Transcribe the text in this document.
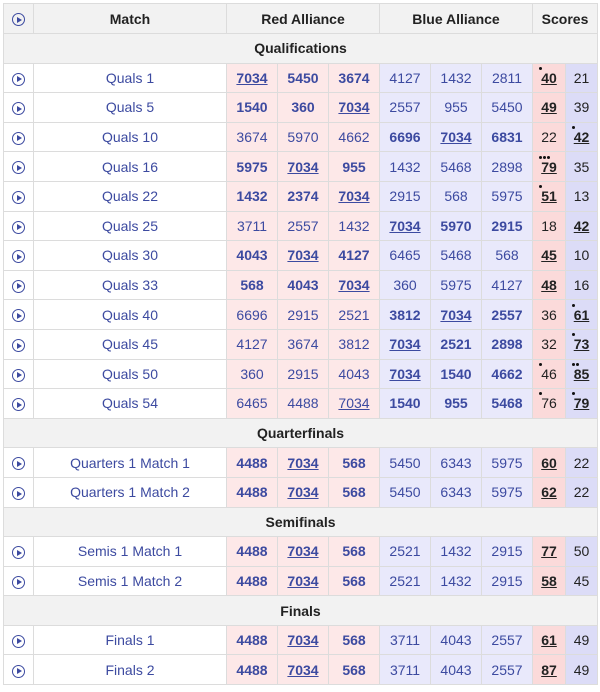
	Match	Red Alliance			Blue Alliance			Scores	
Qualifications									
	Quals 1	7034	5450	3674	4127	1432	2811	40	21
	Quals 5	1540	360	7034	2557	955	5450	49	39
	Quals 10	3674	5970	4662	6696	7034	6831	22	42

	Quals 16	5975	7034	955	1432	5468	2898	79	35
	Quals 22	1432	2374	7034	2915	568	5975	51	13
	Quals 25	3711	2557	1432	7034	5970	2915	18	42
	Quals 30	4043	7034	4127	6465	5468	568	45	10
	Quals 33	568	4043	7034	360	5975	4127	48	16
	Quals 40	6696	2915	2521	3812	7034	2557	36	61

	Quals 45	4127	3674	3812	7034	2521	2898	32	73

	Quals 50	360	2915	4043	7034	1540	4662	46	85

	Quals 54	6465	4488	7034	1540	955	5468	76	79

Quarterfinals									
	Quarters 1 Match 1	4488	7034	568	5450	6343	5975	60	22
	Quarters 1 Match 2	4488	7034	568	5450	6343	5975	62	22
Semifinals									
	Semis 1 Match 1	4488	7034	568	2521	1432	2915	77	50
	Semis 1 Match 2	4488	7034	568	2521	1432	2915	58	45
Finals									
	Finals 1	4488	7034	568	3711	4043	2557	61	49
	Finals 2	4488	7034	568	3711	4043	2557	87	49
